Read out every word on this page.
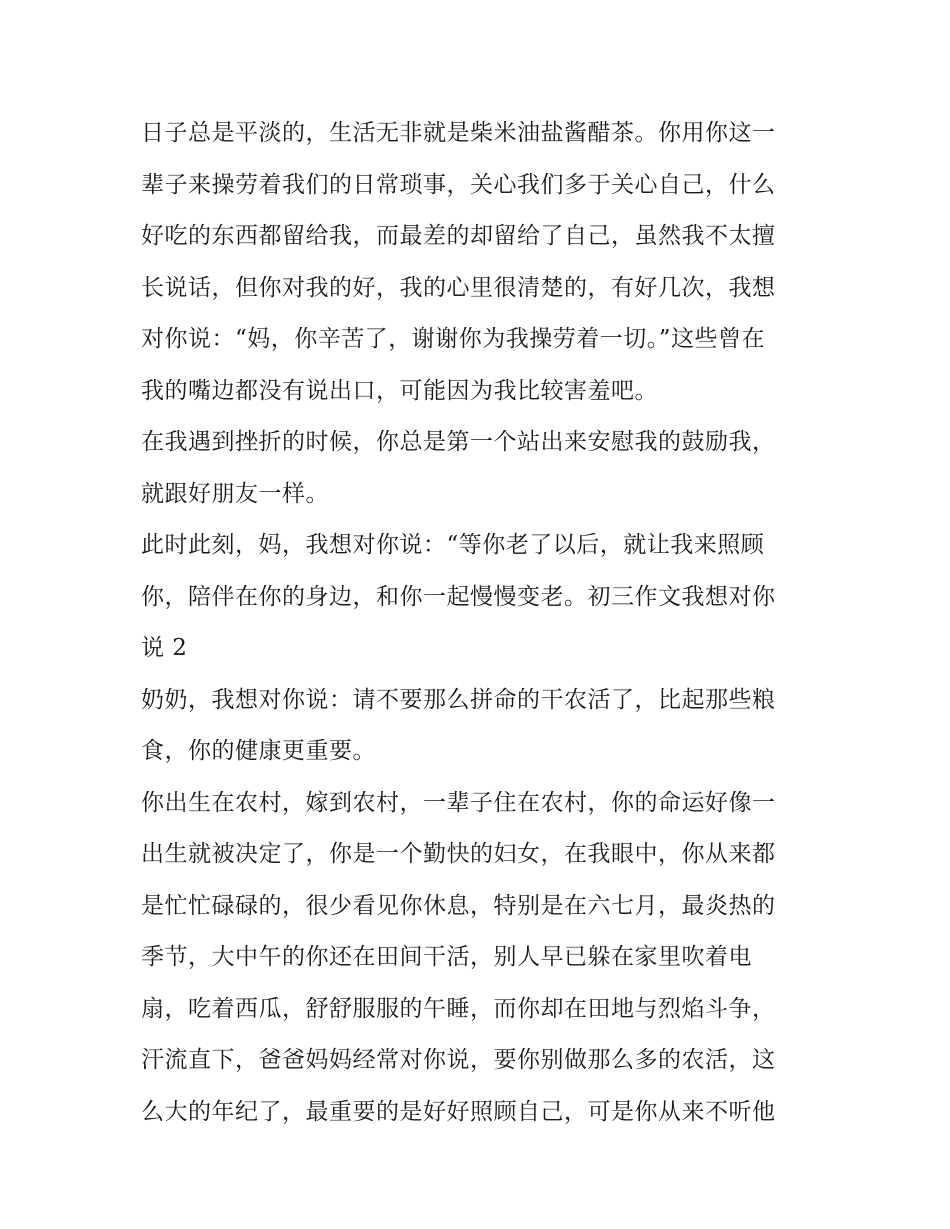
日子总是平淡的，生活无非就是柴米油盐酱醋茶。你用你这一
辈子来操劳着我们的日常琐事，关心我们多于关心自己，什么
好吃的东西都留给我，而最差的却留给了自己，虽然我不太擅
长说话，但你对我的好，我的心里很清楚的，有好几次，我想
对你说：“妈，你辛苦了，谢谢你为我操劳着一切。”这些曾在
我的嘴边都没有说出口，可能因为我比较害羞吧。
在我遇到挫折的时候，你总是第一个站出来安慰我的鼓励我，
就跟好朋友一样。
此时此刻，妈，我想对你说：“等你老了以后，就让我来照顾
你，陪伴在你的身边，和你一起慢慢变老。初三作文我想对你
说 2
奶奶，我想对你说：请不要那么拼命的干农活了，比起那些粮
食，你的健康更重要。
你出生在农村，嫁到农村，一辈子住在农村，你的命运好像一
出生就被决定了，你是一个勤快的妇女，在我眼中，你从来都
是忙忙碌碌的，很少看见你休息，特别是在六七月，最炎热的
季节，大中午的你还在田间干活，别人早已躲在家里吹着电
扇，吃着西瓜，舒舒服服的午睡，而你却在田地与烈焰斗争，
汗流直下，爸爸妈妈经常对你说，要你别做那么多的农活，这
么大的年纪了，最重要的是好好照顾自己，可是你从来不听他
